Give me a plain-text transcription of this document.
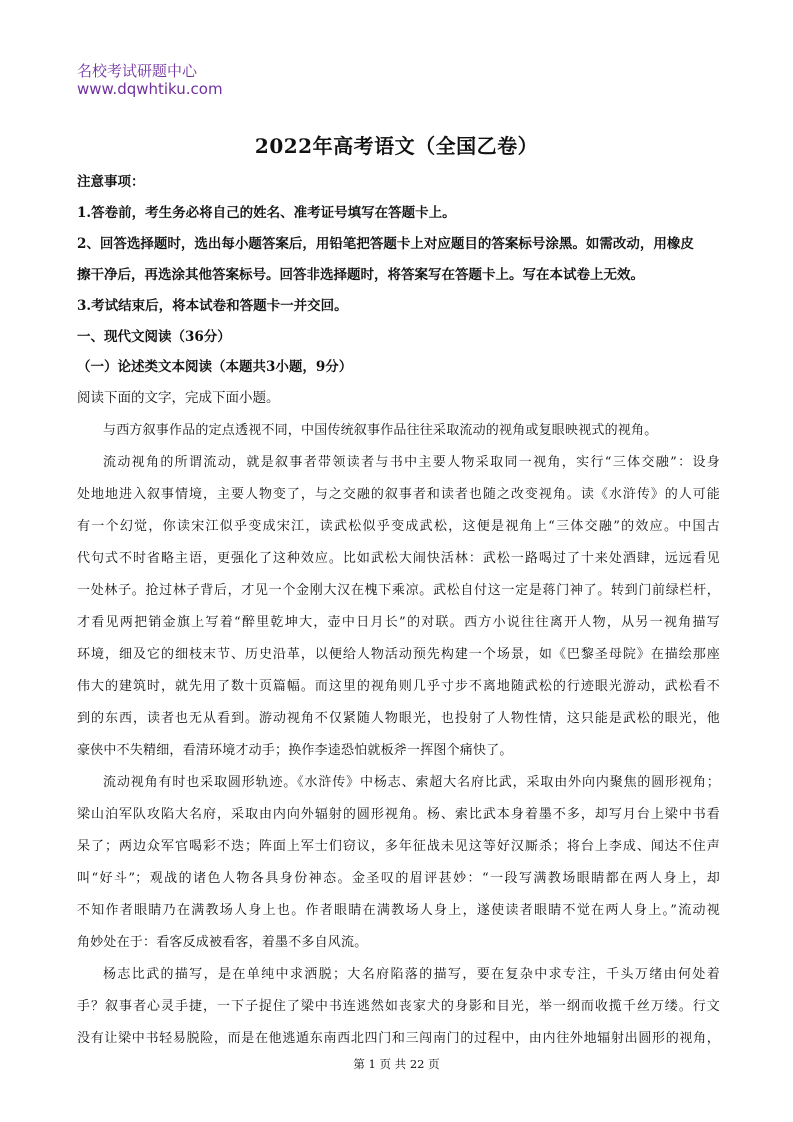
名校考试研题中心
www.dqwhtiku.com
2022年高考语文（全国乙卷）
注意事项：
1.答卷前，考生务必将自己的姓名、准考证号填写在答题卡上。
2、回答选择题时，选出每小题答案后，用铅笔把答题卡上对应题目的答案标号涂黑。如需改动，用橡皮
擦干净后，再选涂其他答案标号。回答非选择题时，将答案写在答题卡上。写在本试卷上无效。
3.考试结束后，将本试卷和答题卡一并交回。
一、现代文阅读（36分）
（一）论述类文本阅读（本题共3小题，9分）
阅读下面的文字，完成下面小题。
与西方叙事作品的定点透视不同，中国传统叙事作品往往采取流动的视角或复眼映视式的视角。
流动视角的所谓流动，就是叙事者带领读者与书中主要人物采取同一视角，实行“三体交融”：设身
处地地进入叙事情境，主要人物变了，与之交融的叙事者和读者也随之改变视角。读《水浒传》的人可能
有一个幻觉，你读宋江似乎变成宋江，读武松似乎变成武松，这便是视角上“三体交融”的效应。中国古
代句式不时省略主语，更强化了这种效应。比如武松大闹快活林：武松一路喝过了十来处酒肆，远远看见
一处林子。抢过林子背后，才见一个金刚大汉在槐下乘凉。武松自付这一定是蒋门神了。转到门前绿栏杆，
才看见两把销金旗上写着“醉里乾坤大，壶中日月长”的对联。西方小说往往离开人物，从另一视角描写
环境，细及它的细枝末节、历史沿革，以便给人物活动预先构建一个场景，如《巴黎圣母院》在描绘那座
伟大的建筑时，就先用了数十页篇幅。而这里的视角则几乎寸步不离地随武松的行迹眼光游动，武松看不
到的东西，读者也无从看到。游动视角不仅紧随人物眼光，也投射了人物性情，这只能是武松的眼光，他
豪侠中不失精细，看清环境才动手；换作李逵恐怕就板斧一挥图个痛快了。
流动视角有时也采取圆形轨迹。《水浒传》中杨志、索超大名府比武，采取由外向内聚焦的圆形视角；
梁山泊军队攻陷大名府，采取由内向外辐射的圆形视角。杨、索比武本身着墨不多，却写月台上梁中书看
呆了；两边众军官喝彩不迭；阵面上军士们窃议，多年征战未见这等好汉厮杀；将台上李成、闻达不住声
叫“好斗”；观战的诸色人物各具身份神态。金圣叹的眉评甚妙：“一段写满教场眼睛都在两人身上，却
不知作者眼睛乃在满教场人身上也。作者眼睛在满教场人身上，遂使读者眼睛不觉在两人身上。”流动视
角妙处在于：看客反成被看客，着墨不多自风流。
杨志比武的描写，是在单纯中求洒脱；大名府陷落的描写，要在复杂中求专注，千头万绪由何处着
手？叙事者心灵手捷，一下子捉住了梁中书连逃然如丧家犬的身影和目光，举一纲而收揽千丝万缕。行文
没有让梁中书轻易脱险，而是在他逃遁东南西北四门和三闯南门的过程中，由内往外地辐射出圆形的视角，
第 1 页 共 22 页
